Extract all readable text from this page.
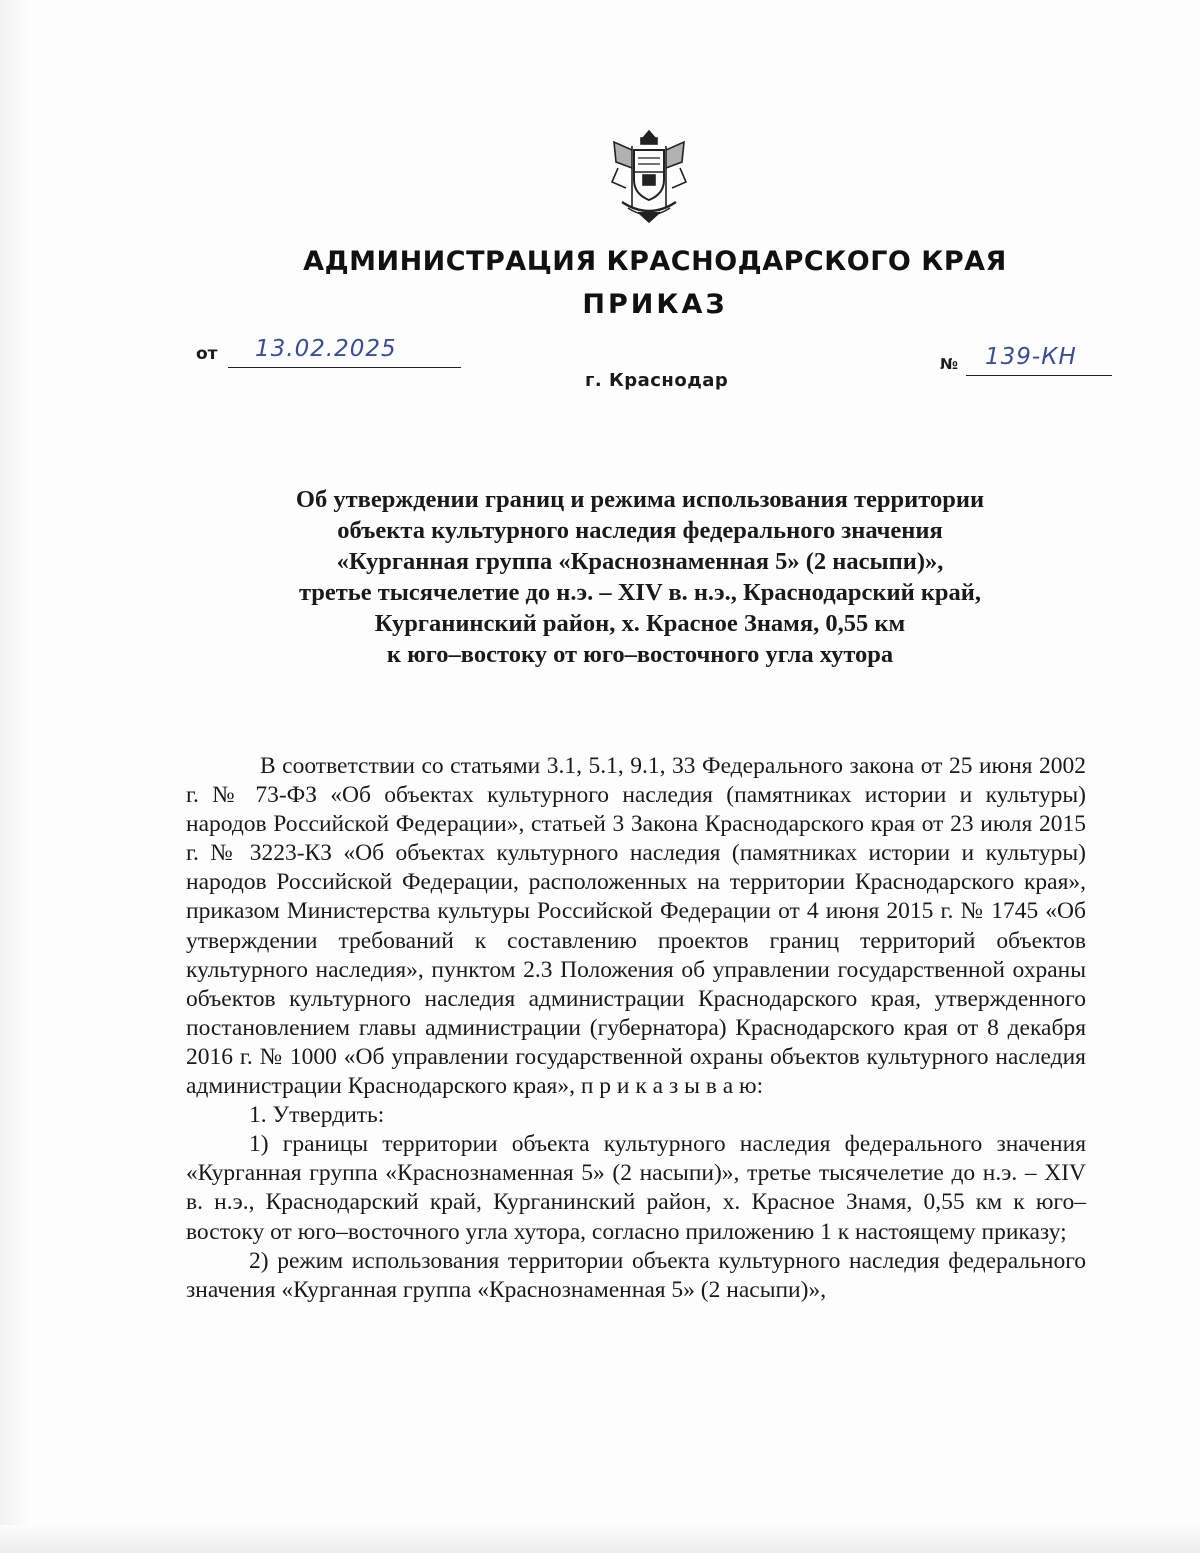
АДМИНИСТРАЦИЯ КРАСНОДАРСКОГО КРАЯ
ПРИКАЗ
от 13.02.2025
г. Краснодар
№ 139-КН
Об утверждении границ и режима использования территории
объекта культурного наследия федерального значения
«Курганная группа «Краснознаменная 5» (2 насыпи)»,
третье тысячелетие до н.э. – XIV в. н.э., Краснодарский край,
Курганинский район, х. Красное Знамя, 0,55 км
к юго–востоку от юго–восточного угла хутора

В соответствии со статьями 3.1, 5.1, 9.1, 33 Федерального закона от 25 июня 2002 г. № 73-ФЗ «Об объектах культурного наследия (памятниках истории и культуры) народов Российской Федерации», статьей 3 Закона Краснодарского края от 23 июля 2015 г. № 3223-КЗ «Об объектах культурного наследия (памятниках истории и культуры) народов Российской Федерации, расположенных на территории Краснодарского края», приказом Министерства культуры Российской Федерации от 4 июня 2015 г. № 1745 «Об утверждении требований к составлению проектов границ территорий объектов культурного наследия», пунктом 2.3 Положения об управлении государственной охраны объектов культурного наследия администрации Краснодарского края, утвержденного постановлением главы администрации (губернатора) Краснодарского края от 8 декабря 2016 г. № 1000 «Об управлении государственной охраны объектов культурного наследия администрации Краснодарского края», п р и к а з ы в а ю:

1. Утвердить:

1) границы территории объекта культурного наследия федерального значения «Курганная группа «Краснознаменная 5» (2 насыпи)», третье тысячелетие до н.э. – XIV в. н.э., Краснодарский край, Курганинский район, х. Красное Знамя, 0,55 км к юго–востоку от юго–восточного угла хутора, согласно приложению 1 к настоящему приказу;

2) режим использования территории объекта культурного наследия федерального значения «Курганная группа «Краснознаменная 5» (2 насыпи)»,
